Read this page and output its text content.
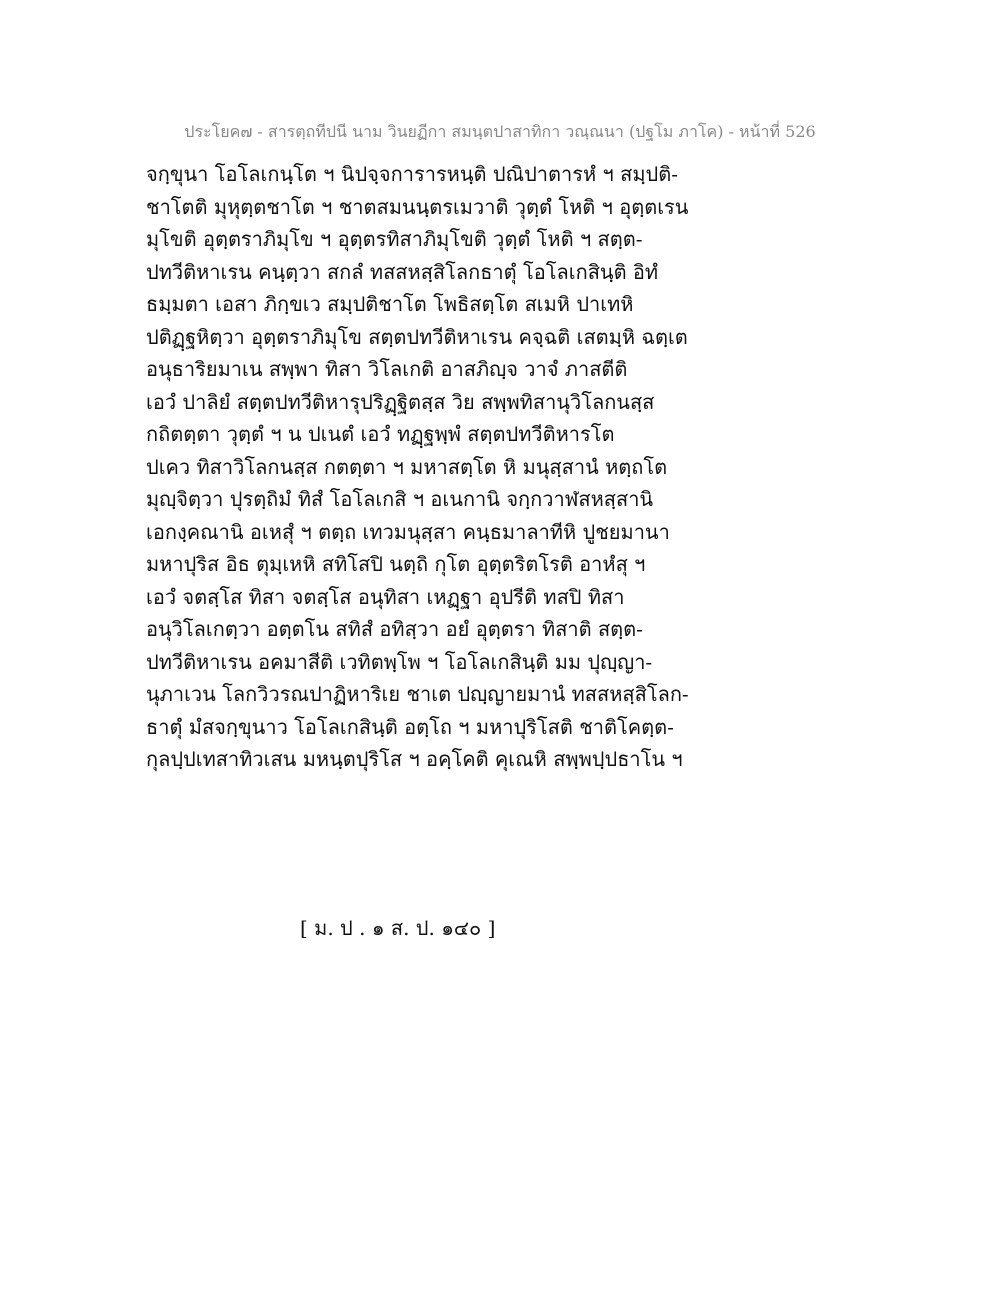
ประโยค๗ - สารตฺถทีปนี นาม วินยฏีกา สมนฺตปาสาทิกา วณฺณนา (ปฐโม ภาโค) - หน้าที่ 526
จกฺขุนา โอโลเกนฺโต ฯ นิปจฺจการารหนฺติ ปณิปาตารหํ ฯ สมฺปติ-
ชาโตติ มุหุตฺตชาโต ฯ ชาตสมนนฺตรเมวาติ วุตฺตํ โหติ ฯ อุตฺตเรน
มุโขติ อุตฺตราภิมุโข ฯ อุตฺตรทิสาภิมุโขติ วุตฺตํ โหติ ฯ สตฺต-
ปทวีติหาเรน คนฺตฺวา สกลํ ทสสหสฺสิโลกธาตุํ โอโลเกสินฺติ อิทํ
ธมฺมตา เอสา ภิกฺขเว สมฺปติชาโต โพธิสตฺโต สเมหิ ปาเทหิ
ปติฏฺฐหิตฺวา อุตฺตราภิมุโข สตฺตปทวีติหาเรน คจฺฉติ เสตมฺหิ ฉตฺเต
อนุธาริยมาเน สพฺพา ทิสา วิโลเกติ อาสภิญฺจ วาจํ ภาสตีติ
เอวํ ปาลิยํ สตฺตปทวีติหารุปริฏฺฐิตสฺส วิย สพฺพทิสานุวิโลกนสฺส
กถิตตฺตา วุตฺตํ ฯ น ปเนตํ เอวํ ทฏฺฐพฺพํ สตฺตปทวีติหารโต
ปเคว ทิสาวิโลกนสฺส กตตฺตา ฯ มหาสตฺโต หิ มนุสฺสานํ หตฺถโต
มุญฺจิตฺวา ปุรตฺถิมํ ทิสํ โอโลเกสิ ฯ อเนกานิ จกฺกวาฬสหสฺสานิ
เอกงฺคณานิ อเหสุํ ฯ ตตฺถ เทวมนุสฺสา คนฺธมาลาทีหิ ปูชยมานา
มหาปุริส อิธ ตุมฺเหหิ สทิโสปิ นตฺถิ กุโต อุตฺตริตโรติ อาหํสุ ฯ
เอวํ จตสฺโส ทิสา จตสฺโส อนุทิสา เหฏฺฐา อุปรีติ ทสปิ ทิสา
อนุวิโลเกตฺวา อตฺตโน สทิสํ อทิสฺวา อยํ อุตฺตรา ทิสาติ สตฺต-
ปทวีติหาเรน อคมาสีติ เวทิตพฺโพ ฯ โอโลเกสินฺติ มม ปุญฺญา-
นุภาเวน โลกวิวรณปาฏิหาริเย ชาเต ปญฺญายมานํ ทสสหสฺสิโลก-
ธาตุํ มํสจกฺขุนาว โอโลเกสินฺติ อตฺโถ ฯ มหาปุริโสติ ชาติโคตฺต-
กุลปฺปเทสาทิวเสน มหนฺตปุริโส ฯ อคฺโคติ คุเณหิ สพฺพปฺปธาโน ฯ
[ ม. ป . ๑ ส. ป. ๑๔๐ ]
